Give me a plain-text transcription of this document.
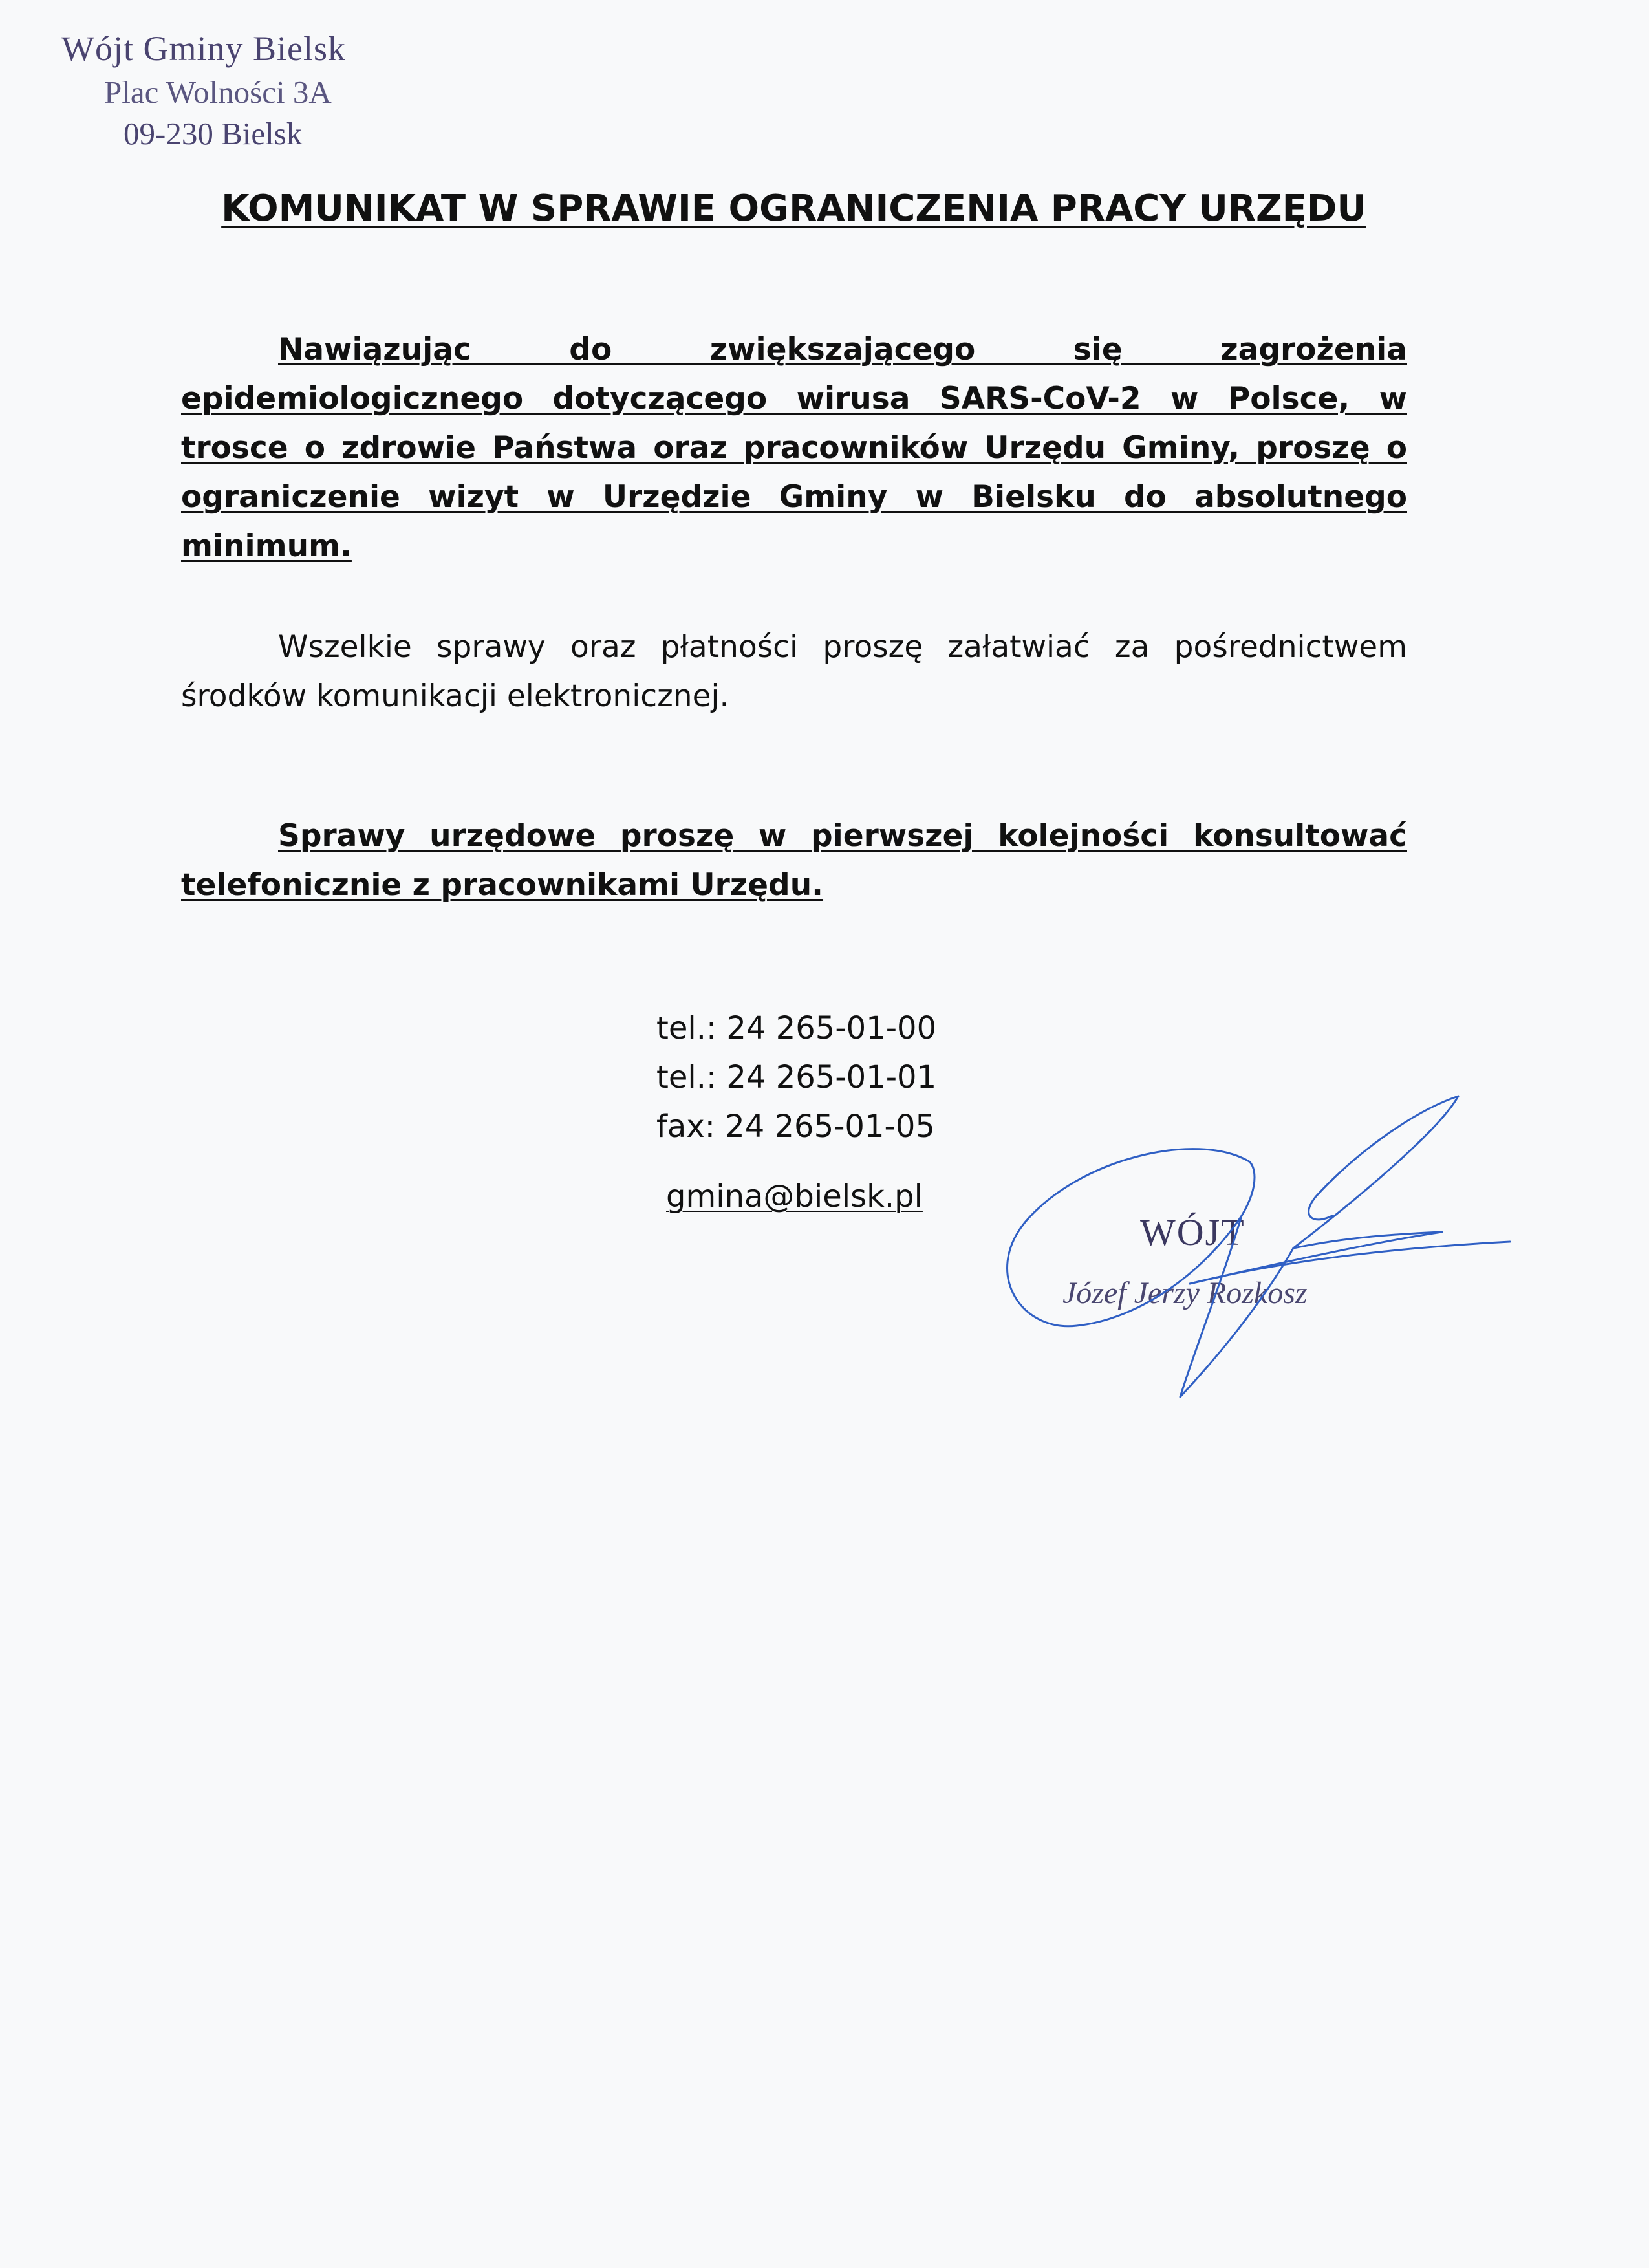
Wójt Gminy Bielsk
Plac Wolności 3A
09-230 Bielsk
KOMUNIKAT W SPRAWIE OGRANICZENIA PRACY URZĘDU

Nawiązując do zwiększającego się zagrożenia epidemiologicznego dotyczącego wirusa SARS-CoV-2 w Polsce, w trosce o zdrowie Państwa oraz pracowników Urzędu Gminy, proszę o ograniczenie wizyt w Urzędzie Gminy w Bielsku do absolutnego minimum.

Wszelkie sprawy oraz płatności proszę załatwiać za pośrednictwem środków komunikacji elektronicznej.

Sprawy urzędowe proszę w pierwszej kolejności konsultować telefonicznie z pracownikami Urzędu.

tel.: 24 265-01-00
tel.: 24 265-01-01
fax: 24 265-01-05
gmina@bielsk.pl
WÓJT
Józef Jerzy Rozkosz
